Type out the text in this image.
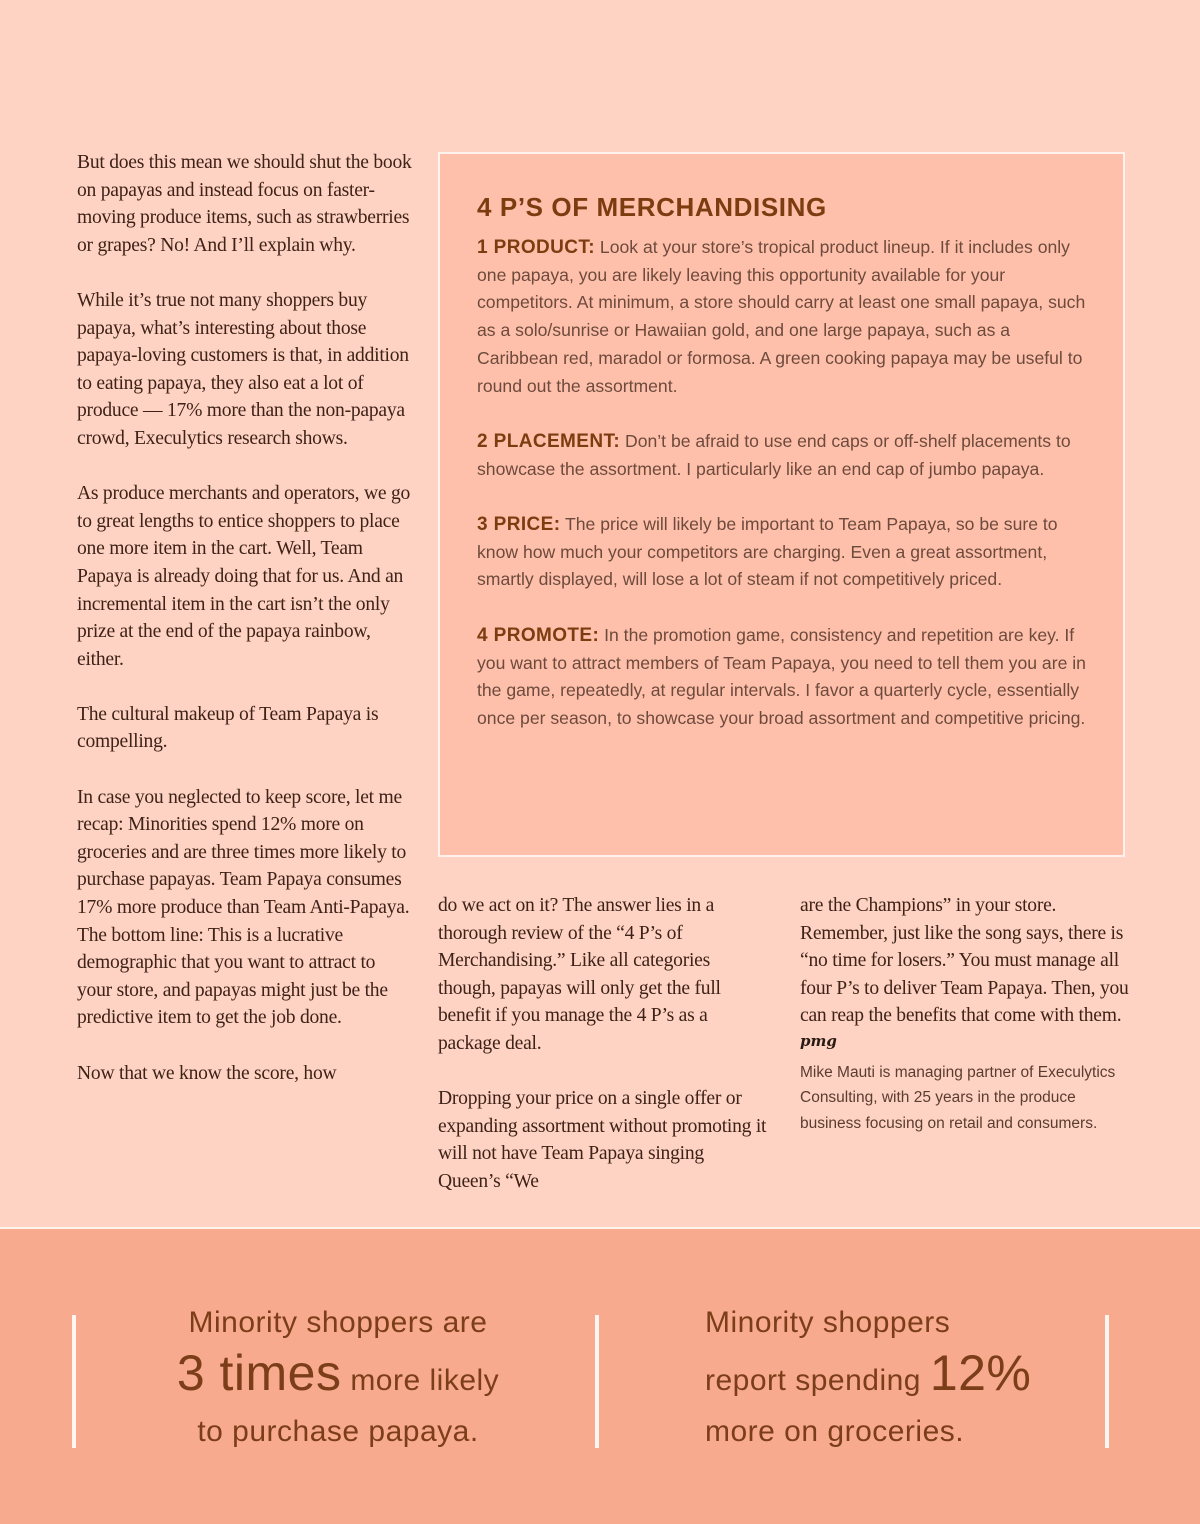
But does this mean we should shut the book on papayas and instead focus on faster-moving produce items, such as strawberries or grapes? No! And I’ll explain why.

While it’s true not many shoppers buy papaya, what’s interesting about those papaya-loving customers is that, in addition to eating papaya, they also eat a lot of produce — 17% more than the non-papaya crowd, Execulytics research shows.

As produce merchants and operators, we go to great lengths to entice shoppers to place one more item in the cart. Well, Team Papaya is already doing that for us. And an incremental item in the cart isn’t the only prize at the end of the papaya rainbow, either.

The cultural makeup of Team Papaya is compelling.

In case you neglected to keep score, let me recap: Minorities spend 12% more on groceries and are three times more likely to purchase papayas. Team Papaya consumes 17% more produce than Team Anti-Papaya. The bottom line: This is a lucrative demographic that you want to attract to your store, and papayas might just be the predictive item to get the job done.

Now that we know the score, how

4 P’S OF MERCHANDISING

1 PRODUCT: Look at your store’s tropical product lineup. If it includes only one papaya, you are likely leaving this opportunity available for your competitors. At minimum, a store should carry at least one small papaya, such as a solo/sunrise or Hawaiian gold, and one large papaya, such as a Caribbean red, maradol or formosa. A green cooking papaya may be useful to round out the assortment.

2 PLACEMENT: Don’t be afraid to use end caps or off-shelf placements to showcase the assortment. I particularly like an end cap of jumbo papaya.

3 PRICE: The price will likely be important to Team Papaya, so be sure to know how much your competitors are charging. Even a great assortment, smartly displayed, will lose a lot of steam if not competitively priced.

4 PROMOTE: In the promotion game, consistency and repetition are key. If you want to attract members of Team Papaya, you need to tell them you are in the game, repeatedly, at regular intervals. I favor a quarterly cycle, essentially once per season, to showcase your broad assortment and competitive pricing.

do we act on it? The answer lies in a thorough review of the “4 P’s of Merchandising.” Like all categories though, papayas will only get the full benefit if you manage the 4 P’s as a package deal.

Dropping your price on a single offer or expanding assortment without promoting it will not have Team Papaya singing Queen’s “We

are the Champions” in your store. Remember, just like the song says, there is “no time for losers.” You must manage all four P’s to deliver Team Papaya. Then, you can reap the benefits that come with them.

pmg

Mike Mauti is managing partner of Execulytics Consulting, with 25 years in the produce business focusing on retail and consumers.

Minority shoppers are
3 times more likely
to purchase papaya.
Minority shoppers
report spending 12%
more on groceries.
